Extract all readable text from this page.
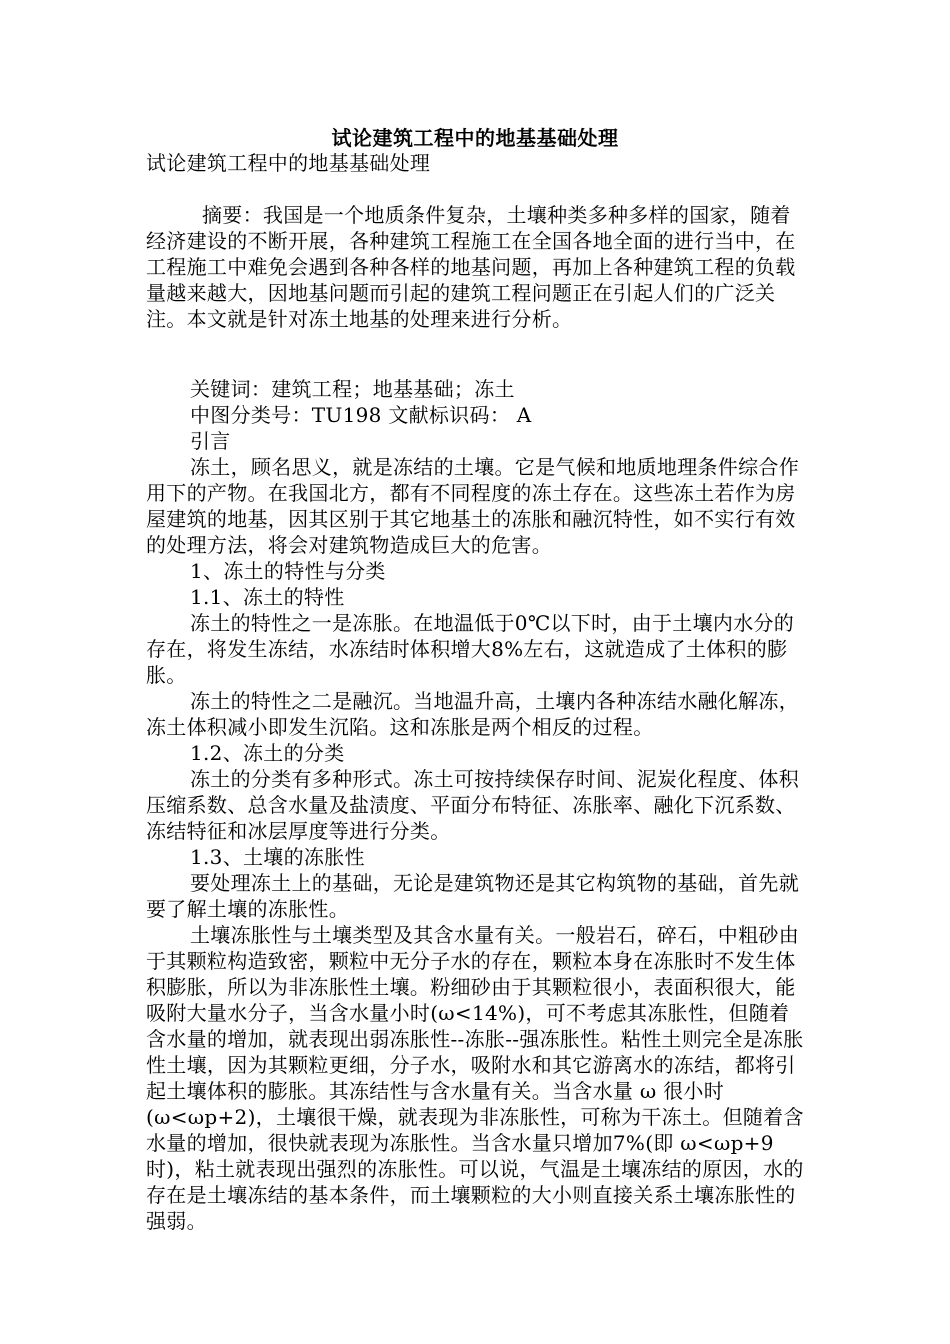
试论建筑工程中的地基基础处理

试论建筑工程中的地基基础处理

摘要：我国是一个地质条件复杂，土壤种类多种多样的国家，随着经济建设的不断开展，各种建筑工程施工在全国各地全面的进行当中，在工程施工中难免会遇到各种各样的地基问题，再加上各种建筑工程的负载量越来越大，因地基问题而引起的建筑工程问题正在引起人们的广泛关注。本文就是针对冻土地基的处理来进行分析。

关键词：建筑工程；地基基础；冻土

中图分类号：TU198 文献标识码： A

引言

冻土，顾名思义，就是冻结的土壤。它是气候和地质地理条件综合作用下的产物。在我国北方，都有不同程度的冻土存在。这些冻土若作为房屋建筑的地基，因其区别于其它地基土的冻胀和融沉特性，如不实行有效的处理方法，将会对建筑物造成巨大的危害。

1、冻土的特性与分类

1.1、冻土的特性

冻土的特性之一是冻胀。在地温低于0℃以下时，由于土壤内水分的存在，将发生冻结，水冻结时体积增大8%左右，这就造成了土体积的膨胀。

冻土的特性之二是融沉。当地温升高，土壤内各种冻结水融化解冻，冻土体积减小即发生沉陷。这和冻胀是两个相反的过程。

1.2、冻土的分类

冻土的分类有多种形式。冻土可按持续保存时间、泥炭化程度、体积压缩系数、总含水量及盐渍度、平面分布特征、冻胀率、融化下沉系数、冻结特征和冰层厚度等进行分类。

1.3、土壤的冻胀性

要处理冻土上的基础，无论是建筑物还是其它构筑物的基础，首先就要了解土壤的冻胀性。

土壤冻胀性与土壤类型及其含水量有关。一般岩石，碎石，中粗砂由于其颗粒构造致密，颗粒中无分子水的存在，颗粒本身在冻胀时不发生体积膨胀，所以为非冻胀性土壤。粉细砂由于其颗粒很小，表面积很大，能吸附大量水分子，当含水量小时(ω<14%)，可不考虑其冻胀性，但随着含水量的增加，就表现出弱冻胀性--冻胀--强冻胀性。粘性土则完全是冻胀性土壤，因为其颗粒更细，分子水，吸附水和其它游离水的冻结，都将引起土壤体积的膨胀。其冻结性与含水量有关。当含水量 ω 很小时(ω<ωp+2)，土壤很干燥，就表现为非冻胀性，可称为干冻土。但随着含水量的增加，很快就表现为冻胀性。当含水量只增加7%(即 ω<ωp+9 时)，粘土就表现出强烈的冻胀性。可以说，气温是土壤冻结的原因，水的存在是土壤冻结的基本条件，而土壤颗粒的大小则直接关系土壤冻胀性的强弱。
